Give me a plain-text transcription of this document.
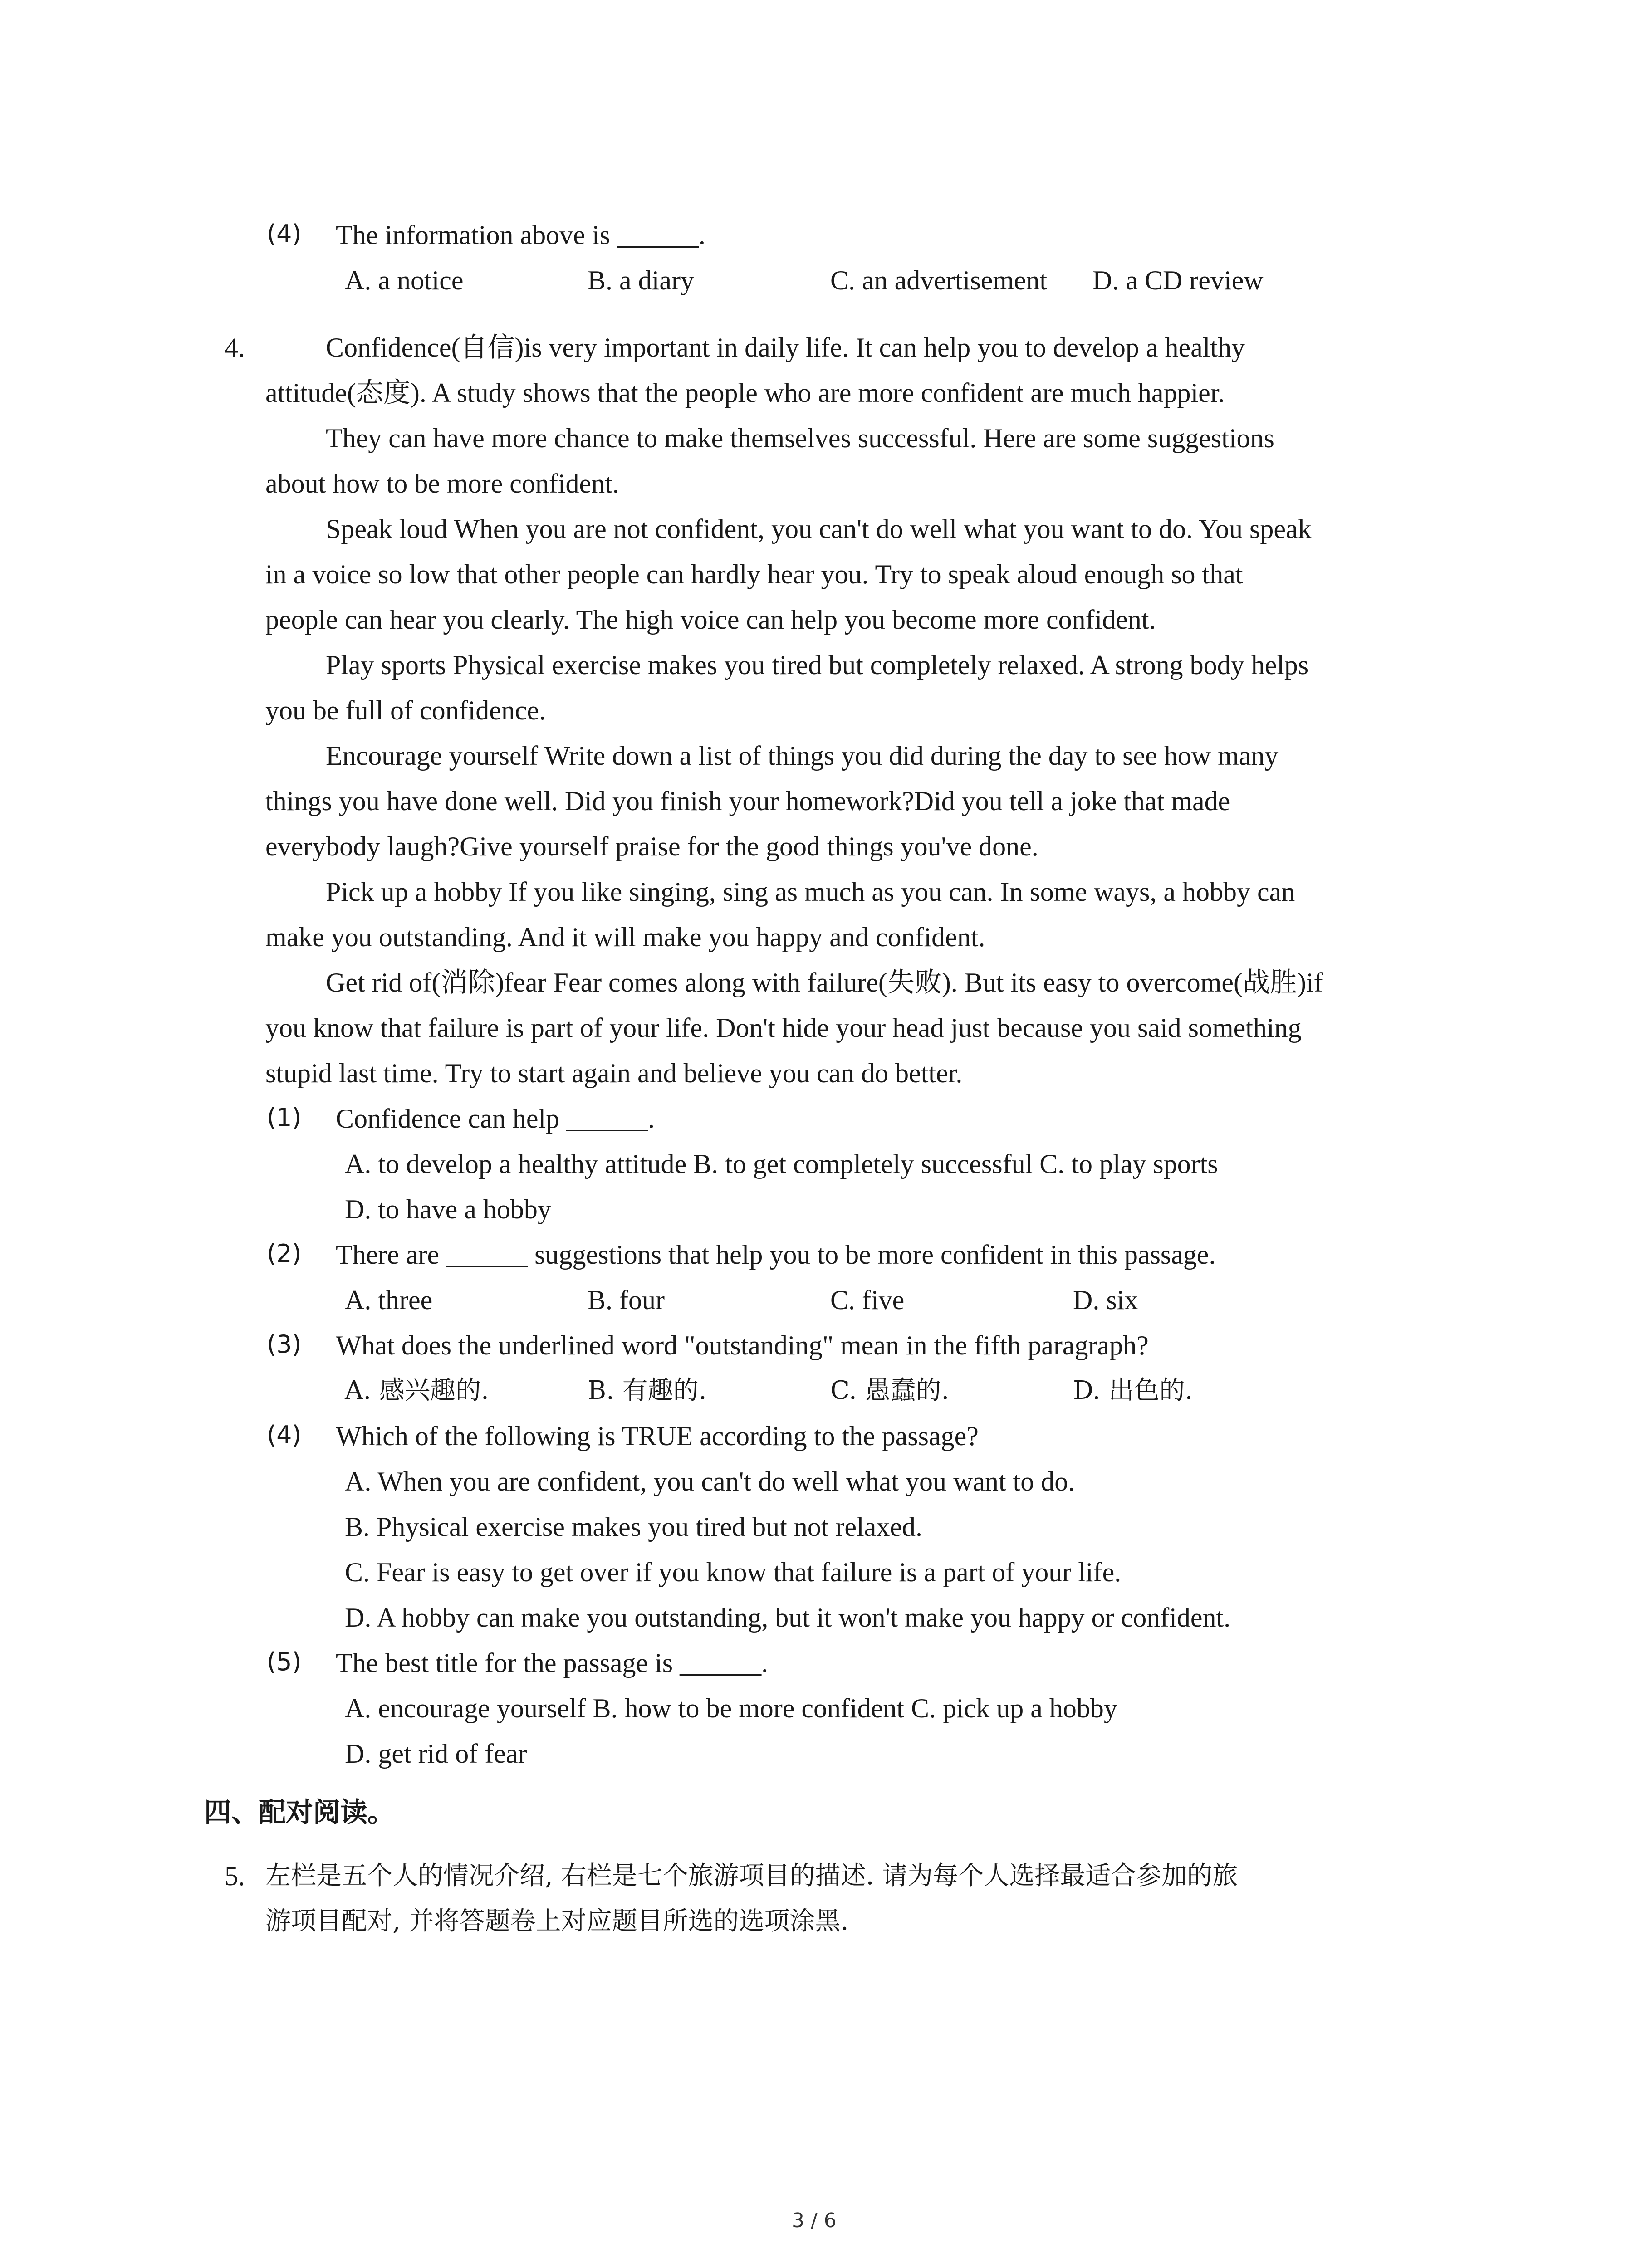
(4) The information above is ______.
A. a notice	B. a diary	C. an advertisement D. a CD review
4.	Confidence(自信)is very important in daily life. It can help you to develop a healthy
attitude(态度). A study shows that the people who are more confident are much happier.
They can have more chance to make themselves successful. Here are some suggestions
about how to be more confident.
Speak loud When you are not confident, you can't do well what you want to do. You speak
in a voice so low that other people can hardly hear you. Try to speak aloud enough so that
people can hear you clearly. The high voice can help you become more confident.
Play sports Physical exercise makes you tired but completely relaxed. A strong body helps
you be full of confidence.
Encourage yourself Write down a list of things you did during the day to see how many
things you have done well. Did you finish your homework?Did you tell a joke that made
everybody laugh?Give yourself praise for the good things you've done.
Pick up a hobby If you like singing, sing as much as you can. In some ways, a hobby can
make you outstanding. And it will make you happy and confident.
Get rid of(消除)fear Fear comes along with failure(失败). But its easy to overcome(战胜)if
you know that failure is part of your life. Don't hide your head just because you said something
stupid last time. Try to start again and believe you can do better.
(1) Confidence can help ______.
A. to develop a healthy attitude B. to get completely successful C. to play sports
D. to have a hobby
(2) There are ______ suggestions that help you to be more confident in this passage.
A. three	B. four	C. five	D. six
(3) What does the underlined word "outstanding" mean in the fifth paragraph?
A. 感兴趣的.	B. 有趣的.	C. 愚蠢的.	D. 出色的.
(4) Which of the following is TRUE according to the passage?
A. When you are confident, you can't do well what you want to do.
B. Physical exercise makes you tired but not relaxed.
C. Fear is easy to get over if you know that failure is a part of your life.
D. A hobby can make you outstanding, but it won't make you happy or confident.
(5) The best title for the passage is ______.
A. encourage yourself B. how to be more confident C. pick up a hobby
D. get rid of fear
四、配对阅读。
5. 左栏是五个人的情况介绍, 右栏是七个旅游项目的描述. 请为每个人选择最适合参加的旅
游项目配对, 并将答题卷上对应题目所选的选项涂黑.
3 / 6
